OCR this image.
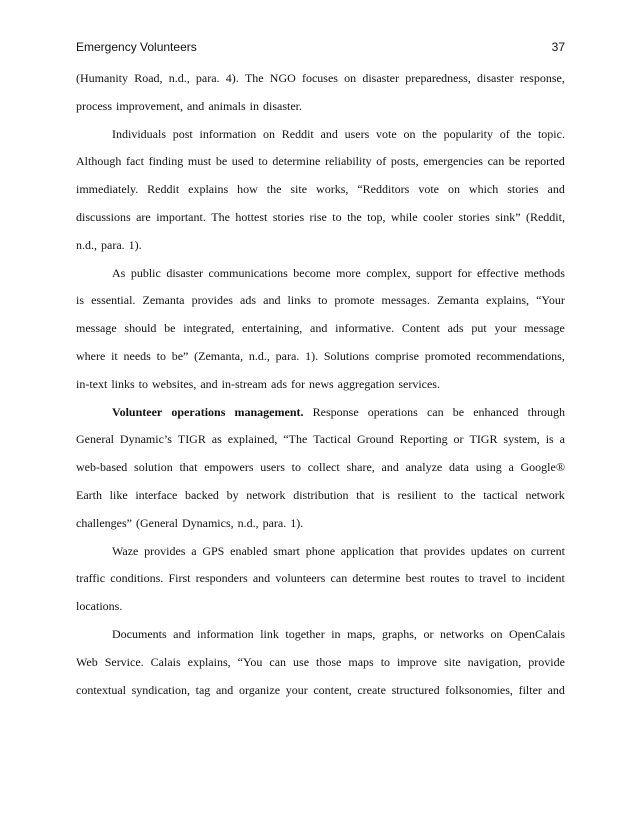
Emergency Volunteers	37
(Humanity Road, n.d., para. 4). The NGO focuses on disaster preparedness, disaster response,
process improvement, and animals in disaster.
Individuals post information on Reddit and users vote on the popularity of the topic.
Although fact finding must be used to determine reliability of posts, emergencies can be reported
immediately. Reddit explains how the site works, “Redditors vote on which stories and
discussions are important. The hottest stories rise to the top, while cooler stories sink” (Reddit,
n.d., para. 1).
As public disaster communications become more complex, support for effective methods
is essential. Zemanta provides ads and links to promote messages. Zemanta explains, “Your
message should be integrated, entertaining, and informative. Content ads put your message
where it needs to be” (Zemanta, n.d., para. 1). Solutions comprise promoted recommendations,
in-text links to websites, and in-stream ads for news aggregation services.
Volunteer operations management. Response operations can be enhanced through
General Dynamic’s TIGR as explained, “The Tactical Ground Reporting or TIGR system, is a
web-based solution that empowers users to collect share, and analyze data using a Google®
Earth like interface backed by network distribution that is resilient to the tactical network
challenges” (General Dynamics, n.d., para. 1).
Waze provides a GPS enabled smart phone application that provides updates on current
traffic conditions. First responders and volunteers can determine best routes to travel to incident
locations.
Documents and information link together in maps, graphs, or networks on OpenCalais
Web Service. Calais explains, “You can use those maps to improve site navigation, provide
contextual syndication, tag and organize your content, create structured folksonomies, filter and
